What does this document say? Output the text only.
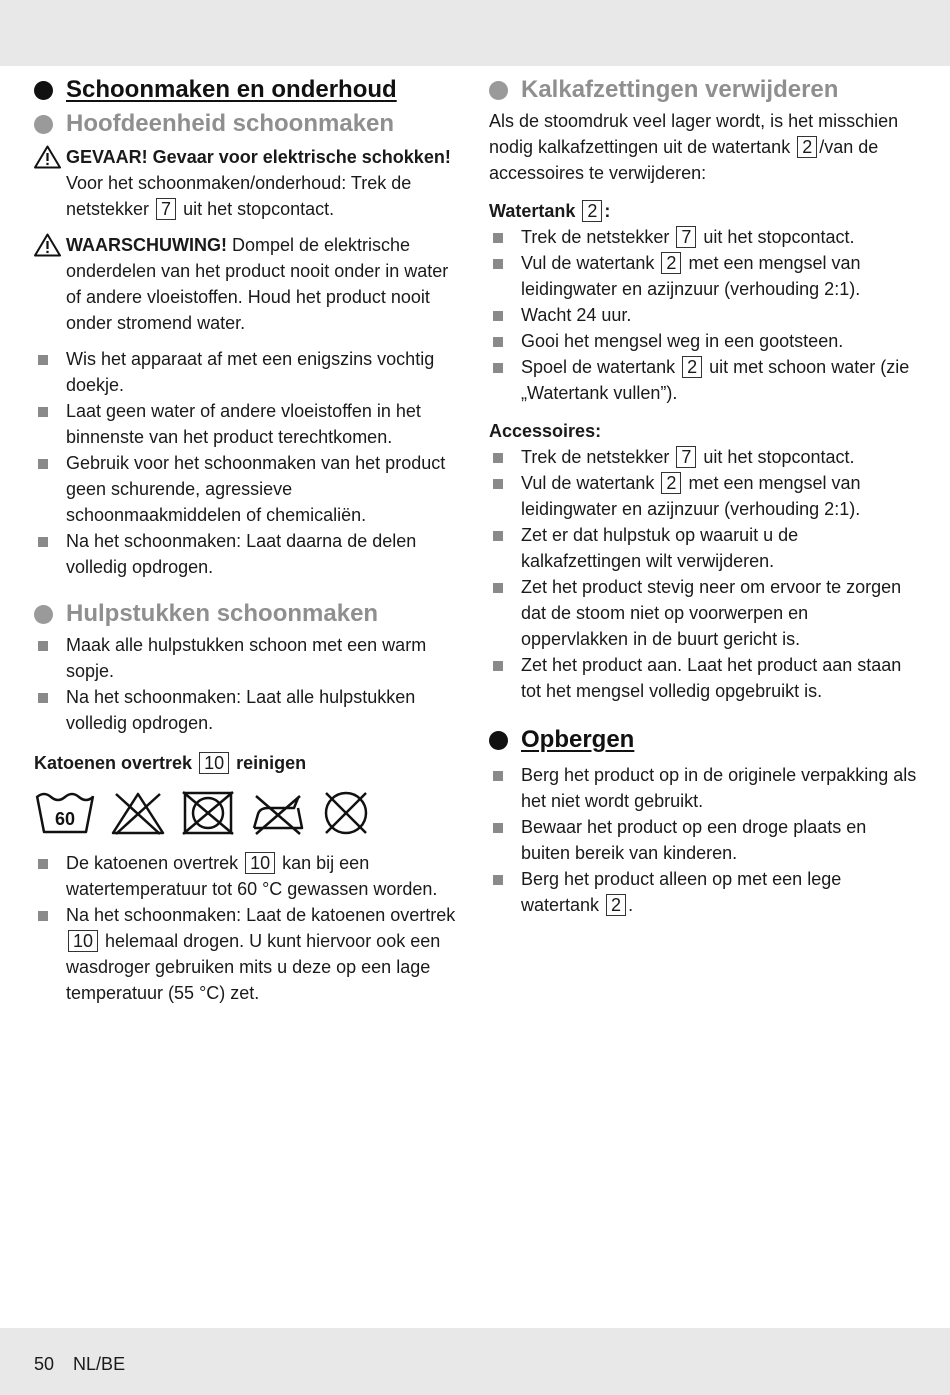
Schoonmaken en onderhoud
Hoofdeenheid schoonmaken
GEVAAR! Gevaar voor elektrische schokken! Voor het schoonmaken/onderhoud: Trek de netstekker 7 uit het stopcontact.
WAARSCHUWING! Dompel de elektrische onderdelen van het product nooit onder in water of andere vloeistoffen. Houd het product nooit onder stromend water.
Wis het apparaat af met een enigszins vochtig doekje.
Laat geen water of andere vloeistoffen in het binnenste van het product terechtkomen.
Gebruik voor het schoonmaken van het product geen schurende, agressieve schoonmaakmiddelen of chemicaliën.
Na het schoonmaken: Laat daarna de delen volledig opdrogen.
Hulpstukken schoonmaken
Maak alle hulpstukken schoon met een warm sopje.
Na het schoonmaken: Laat alle hulpstukken volledig opdrogen.
Katoenen overtrek 10 reinigen
60
De katoenen overtrek 10 kan bij een watertemperatuur tot 60 °C gewassen worden.
Na het schoonmaken: Laat de katoenen overtrek 10 helemaal drogen. U kunt hiervoor ook een wasdroger gebruiken mits u deze op een lage temperatuur (55 °C) zet.
Kalkafzettingen verwijderen

Als de stoomdruk veel lager wordt, is het misschien nodig kalkafzettingen uit de watertank 2 /van de accessoires te verwijderen:

Watertank 2 :
Trek de netstekker 7 uit het stopcontact.
Vul de watertank 2 met een mengsel van leidingwater en azijnzuur (verhouding 2:1).
Wacht 24 uur.
Gooi het mengsel weg in een gootsteen.
Spoel de watertank 2 uit met schoon water (zie „Watertank vullen”).
Accessoires:
Trek de netstekker 7 uit het stopcontact.
Vul de watertank 2 met een mengsel van leidingwater en azijnzuur (verhouding 2:1).
Zet er dat hulpstuk op waaruit u de kalkafzettingen wilt verwijderen.
Zet het product stevig neer om ervoor te zorgen dat de stoom niet op voorwerpen en oppervlakken in de buurt gericht is.
Zet het product aan. Laat het product aan staan tot het mengsel volledig opgebruikt is.
Opbergen
Berg het product op in de originele verpakking als het niet wordt gebruikt.
Bewaar het product op een droge plaats en buiten bereik van kinderen.
Berg het product alleen op met een lege watertank 2 .
50 NL/BE
